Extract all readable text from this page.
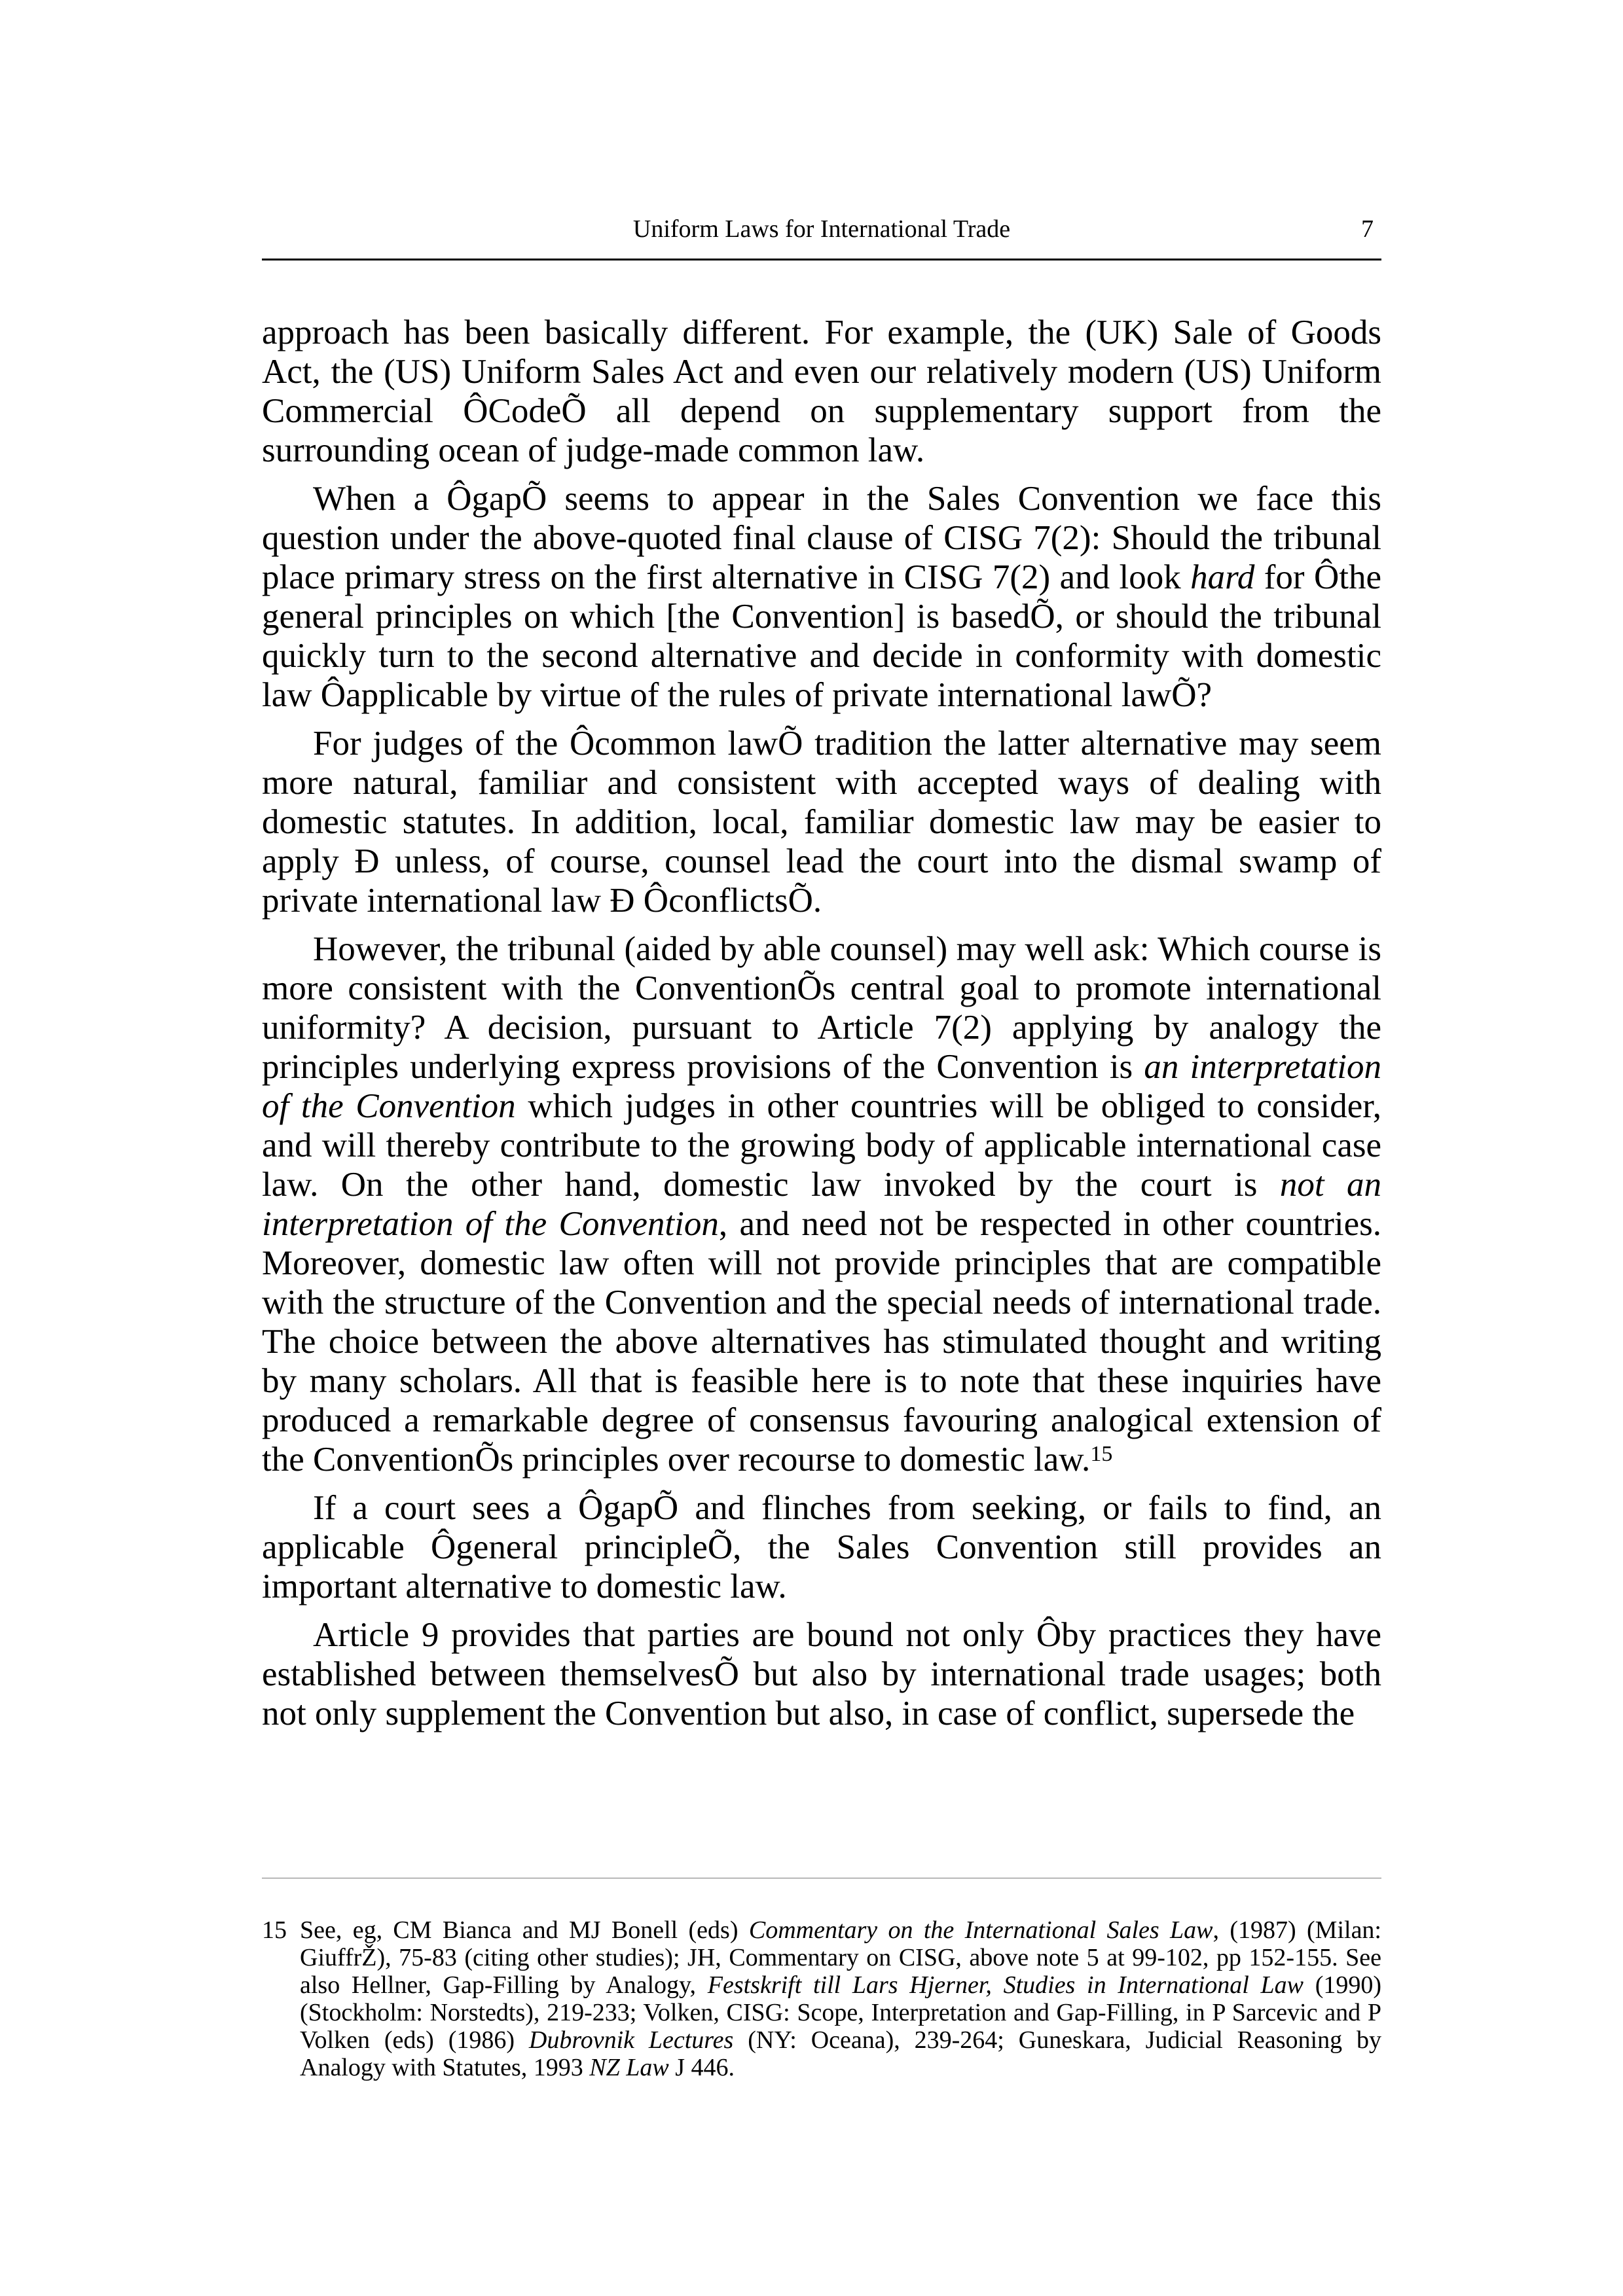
Uniform Laws for International Trade	7

approach has been basically different. For example, the (UK) Sale of Goods Act, the (US) Uniform Sales Act and even our relatively modern (US) Uniform Commercial ÔCodeÕ all depend on supplementary support from the surrounding ocean of judge-made common law.

When a ÔgapÕ seems to appear in the Sales Convention we face this question under the above-quoted final clause of CISG 7(2): Should the tribunal place primary stress on the first alternative in CISG 7(2) and look hard for Ôthe general principles on which [the Convention] is basedÕ, or should the tribunal quickly turn to the second alternative and decide in conformity with domestic law Ôapplicable by virtue of the rules of private international lawÕ?

For judges of the Ôcommon lawÕ tradition the latter alternative may seem more natural, familiar and consistent with accepted ways of dealing with domestic statutes. In addition, local, familiar domestic law may be easier to apply Ð unless, of course, counsel lead the court into the dismal swamp of private international law Ð ÔconflictsÕ.

However, the tribunal (aided by able counsel) may well ask: Which course is more consistent with the ConventionÕs central goal to promote international uniformity? A decision, pursuant to Article 7(2) applying by analogy the principles underlying express provisions of the Convention is an interpretation of the Convention which judges in other countries will be obliged to consider, and will thereby contribute to the growing body of applicable international case law. On the other hand, domestic law invoked by the court is not an interpretation of the Convention, and need not be respected in other countries. Moreover, domestic law often will not provide principles that are compatible with the structure of the Convention and the special needs of international trade. The choice between the above alternatives has stimulated thought and writing by many scholars. All that is feasible here is to note that these inquiries have produced a remarkable degree of consensus favouring analogical extension of the ConventionÕs principles over recourse to domestic law.$^{15}$

If a court sees a ÔgapÕ and flinches from seeking, or fails to find, an applicable Ôgeneral principleÕ, the Sales Convention still provides an important alternative to domestic law.

Article 9 provides that parties are bound not only Ôby practices they have established between themselvesÕ but also by international trade usages; both not only supplement the Convention but also, in case of conflict, supersede the

15 See, eg, CM Bianca and MJ Bonell (eds) Commentary on the International Sales Law, (1987) (Milan: GiuffrŽ), 75-83 (citing other studies); JH, Commentary on CISG, above note 5 at 99-102, pp 152-155. See also Hellner, Gap-Filling by Analogy, Festskrift till Lars Hjerner, Studies in International Law (1990) (Stockholm: Norstedts), 219-233; Volken, CISG: Scope, Interpretation and Gap-Filling, in P Sarcevic and P Volken (eds) (1986) Dubrovnik Lectures (NY: Oceana), 239-264; Guneskara, Judicial Reasoning by Analogy with Statutes, 1993 NZ Law J 446.
